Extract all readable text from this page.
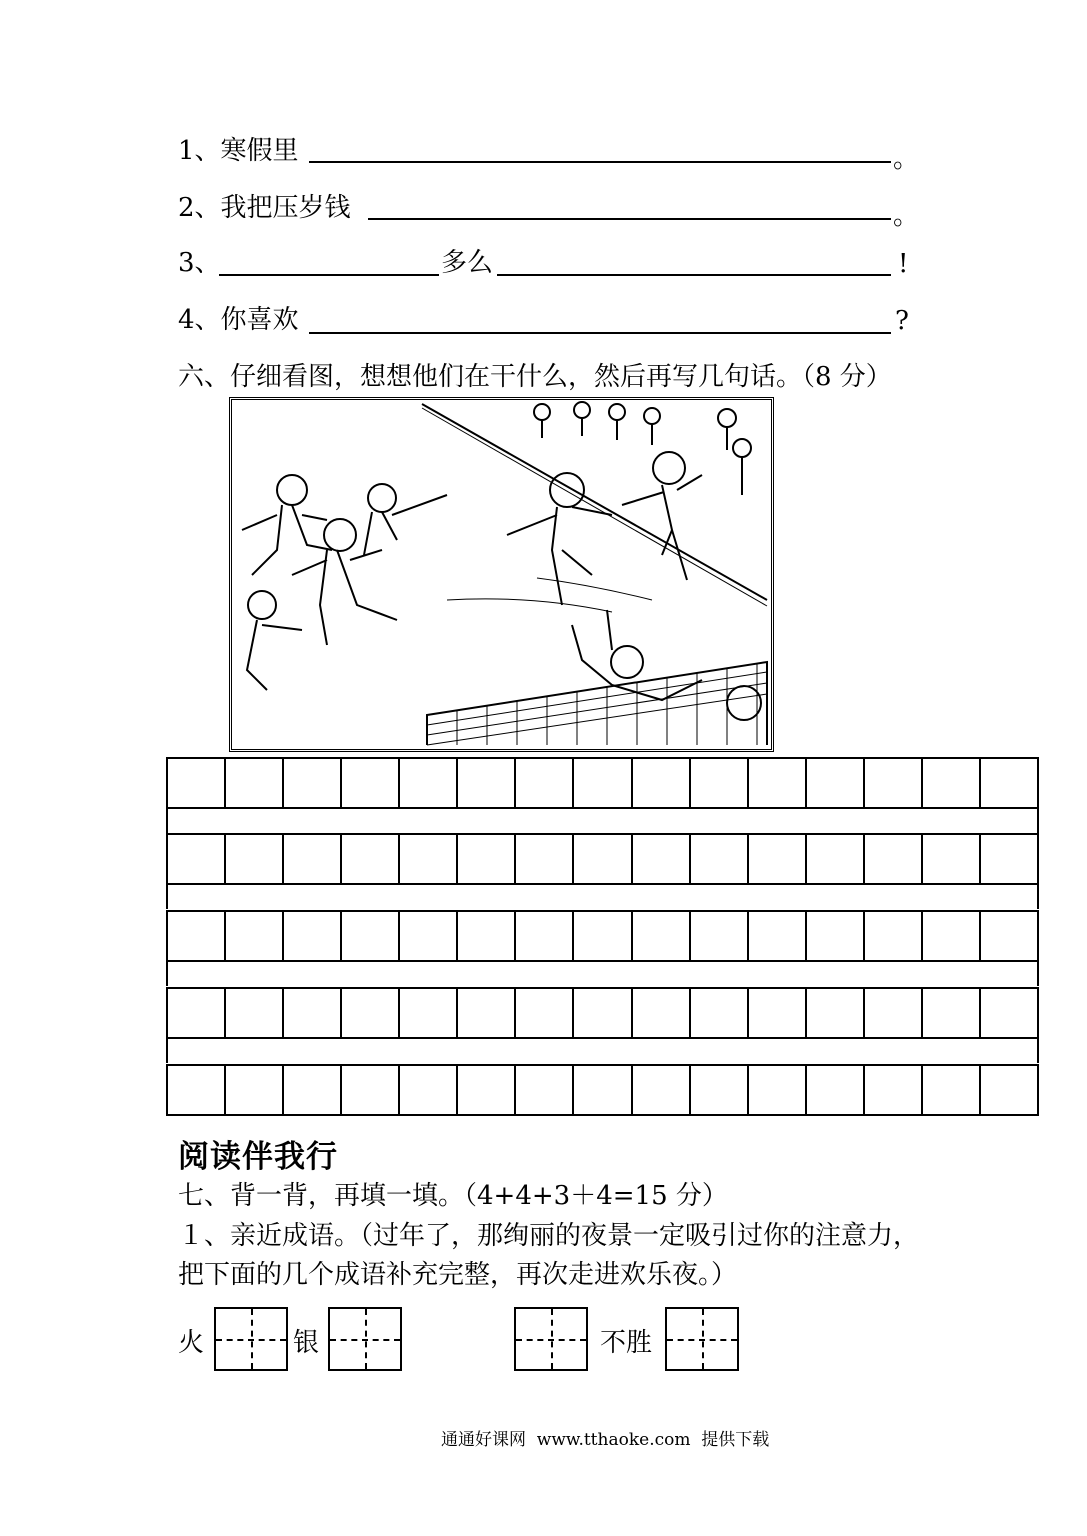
1、寒假里	。
2、我把压岁钱	。
3、	多么	!
4、你喜欢	?
六、仔细看图，想想他们在干什么，然后再写几句话。（8 分）
阅读伴我行
七、背一背，再填一填。（4+4+3＋4=15 分）
１、亲近成语。（过年了，那绚丽的夜景一定吸引过你的注意力，
把下面的几个成语补充完整，再次走进欢乐夜。）
火	银	不胜
通通好课网  www.tthaoke.com  提供下载
